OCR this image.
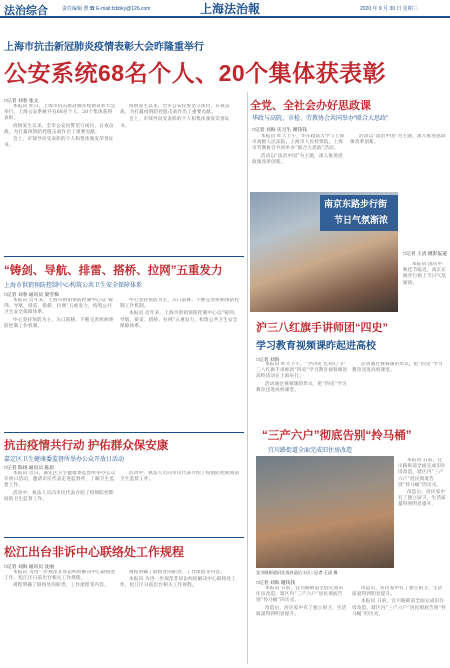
法治综合	责任编辑 曹 ☎ E-mail:fzbbky@126.com	上海法治報	2020 年 9 月 30 日 星期三
上海市抗击新冠肺炎疫情表彰大会昨隆重举行
公安系统68名个人、20个集体获表彰
□记者 刘春 张文

本报讯 昨日，上海市抗击新冠肺炎疫情表彰大会举行。上海公安系统共有68名个人、20个集体获得表彰。

疫情发生以来，全市公安民警坚守岗位，日夜奋战，为打赢疫情防控阻击战作出了重要贡献。

会上，市领导向受表彰的个人和集体颁发荣誉证书。

疫情发生以来，全市公安民警坚守岗位，日夜奋战，为打赢疫情防控阻击战作出了重要贡献。

会上，市领导向受表彰的个人和集体颁发荣誉证书。

全党、全社会办好思政课
华政与高院、市检、劳教协会共同举办“联合大思政”
□记者 刘海 实习生 谢钱钱

本报讯 昨天上午，华东政法大学与上海市高级人民法院、上海市人民检察院、上海市劳教协会共同举办“联合大思政”活动。

活动以“法治中国”为主题，深入推进思政课改革创新。

活动以“法治中国”为主题，深入推进思政课改革创新。

南京东路步行街
节日气氛渐浓
□记者 王清 摄影报道

本报讯 国庆中秋佳节临近，南京东路步行街上节日气氛渐浓。

“铸剑、导航、排雷、搭桥、拉网”五重发力
上海市供销预防控制中心构筑公共卫生安全保障体系
□记者 刘春 通讯员 梁雪梅

本报讯 近年来，上海市供销预防控制中心以“铸剑、导航、排雷、搭桥、拉网”五重发力，构筑公共卫生安全保障体系。

中心坚持预防为主、关口前移，不断完善疾病预防控制工作机制。

中心坚持预防为主、关口前移，不断完善疾病预防控制工作机制。

本报讯 近年来，上海市供销预防控制中心以“铸剑、导航、排雷、搭桥、拉网”五重发力，构筑公共卫生安全保障体系。	沪三八红旗手讲师团“四史”
学习教育视频课昨起进高校
□记者 刘海

本报讯 昨天下午，“学四史 忆初心”沪三八红旗手讲师团“四史”学习教育视频课进高校活动在上海举行。

活动通过视频课的形式，把“四史”学习教育送进高校课堂。

活动通过视频课的形式，把“四史”学习教育送进高校课堂。

抗击疫情共行动 护佑群众保安康
嘉定区卫生健康委监督所举办公众开放日活动
□记者 陈扬 通讯员 陈思

本报讯 近日，嘉定区卫生健康委监督所举办公众开放日活动，邀请市民代表走进监督所，了解卫生监督工作。

活动中，执法人员向市民代表介绍了疫情防控期间的卫生监督工作。

活动中，执法人员向市民代表介绍了疫情防控期间的卫生监督工作。

“三产六户”彻底告别“拎马桶”
宜川路街道全面完成旧住房改造
宜川路街道旧住房改造后小区 □记者 王清 摄

本报讯 日前，宜川路街道全面完成旧住房改造，辖区内“三产六户”居民彻底告别“拎马桶”的历史。

改造后，居民家中有了独立厨卫，生活质量得到明显提升。

□记者 刘海 谢钱钱

本报讯 日前，宜川路街道全面完成旧住房改造，辖区内“三产六户”居民彻底告别“拎马桶”的历史。

改造后，居民家中有了独立厨卫，生活质量得到明显提升。

改造后，居民家中有了独立厨卫，生活质量得到明显提升。

本报讯 日前，宜川路街道全面完成旧住房改造，辖区内“三产六户”居民彻底告别“拎马桶”的历史。

松江出台非诉中心联络处工作规程
□记者 刘海 通讯员 沈丽

本报讯 为进一步规范非诉讼纠纷解决中心联络处工作，松江区日前出台相关工作规程。

规程明确了联络处的职责、工作流程等内容。

规程明确了联络处的职责、工作流程等内容。

本报讯 为进一步规范非诉讼纠纷解决中心联络处工作，松江区日前出台相关工作规程。
